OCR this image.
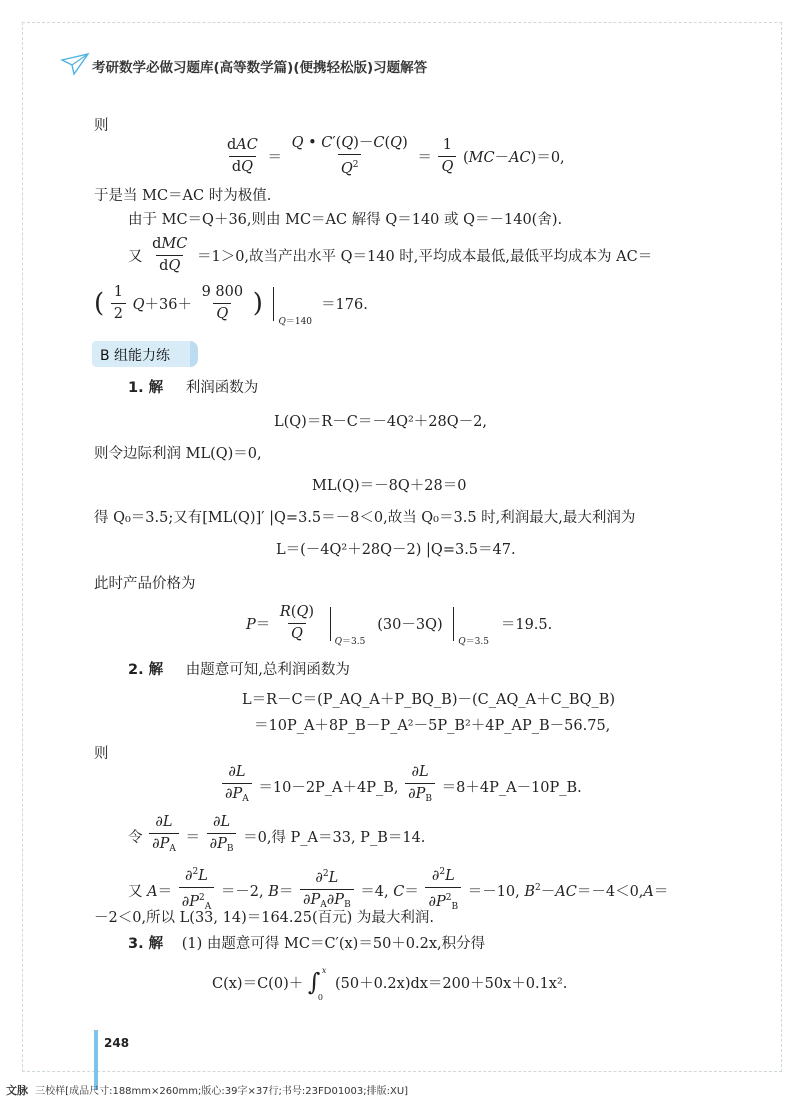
考研数学必做习题库(高等数学篇)(便携轻松版)习题解答
则
$\frac{\text{dAC}}{dQ} = \frac{Q • C'(Q)-C(Q)}{Q^2} = \frac{1}{Q} (MC-AC)=0$,
于是当 MC＝AC 时为极值.
由于 MC＝Q＋36,则由 MC＝AC 解得 Q＝140 或 Q＝－140(舍).
又 $\frac{\text{dMC}}{dQ} =1>0$,故当产出水平 Q＝140 时,平均成本最低,最低平均成本为 AC＝
( $\frac{1}{2} Q+36+ \frac{9 800}{Q}$ )
Q＝140
＝176.
B 组能力练
1. 解 利润函数为
L(Q)＝R－C＝－4Q²＋28Q－2,
则令边际利润 ML(Q)＝0,
ML(Q)＝－8Q＋28＝0
得 Q₀＝3.5;又有[ML(Q)]′ |Q=3.5＝－8＜0,故当 Q₀＝3.5 时,利润最大,最大利润为
L＝(－4Q²＋28Q－2) |Q=3.5＝47.
此时产品价格为
$P= \frac{R(Q)}{Q}$
Q＝3.5
(30－3Q)
Q＝3.5
＝19.5.
2. 解 由题意可知,总利润函数为
L＝R－C＝(P_AQ_A＋P_BQ_B)－(C_AQ_A＋C_BQ_B)
＝10P_A＋8P_B－P_A²－5P_B²＋4P_AP_B－56.75,
则
$\frac{\partial L}{\partial P_A}$ ＝10－2P_A＋4P_B, $\frac{\partial L}{\partial P_B}$ ＝8＋4P_A－10P_B.
令 $\frac{\partial L}{\partial P_A} = \frac{\partial L}{\partial P_B} =0$,得 P_A＝33, P_B＝14.
又 $A= \frac{\partial^2L}{\partial P^2_A} =-2$, $B= \frac{\partial^2L}{\partial P_A\partial P_B} =4$, $C= \frac{\partial^2L}{\partial P^2_B} =-10$, $B^2-AC=-4<0,A=$
－2＜0,所以 L(33, 14)＝164.25(百元) 为最大利润.
3. 解 (1) 由题意可得 MC＝C′(x)＝50＋0.2x,积分得
C(x)＝C(0)＋ ∫
0
x
(50＋0.2x)dx＝200＋50x＋0.1x².
248
文脉 三校样[成品尺寸:188mm×260mm;版心:39字×37行;书号:23FD01003;排版:XU]
